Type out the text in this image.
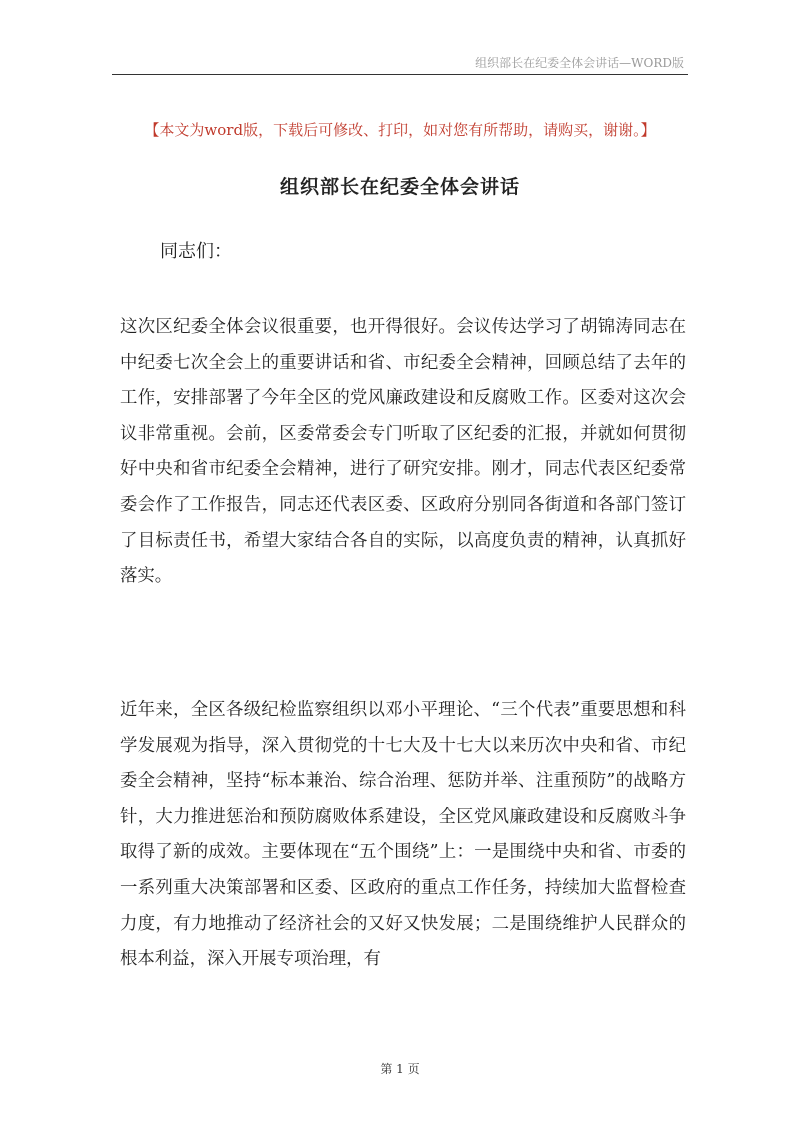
组织部长在纪委全体会讲话—WORD版
【本文为word版，下载后可修改、打印，如对您有所帮助，请购买，谢谢。】
组织部长在纪委全体会讲话
同志们：
这次区纪委全体会议很重要，也开得很好。会议传达学习了胡锦涛同志在中纪委七次全会上的重要讲话和省、市纪委全会精神，回顾总结了去年的工作，安排部署了今年全区的党风廉政建设和反腐败工作。区委对这次会议非常重视。会前，区委常委会专门听取了区纪委的汇报，并就如何贯彻好中央和省市纪委全会精神，进行了研究安排。刚才，同志代表区纪委常委会作了工作报告，同志还代表区委、区政府分别同各街道和各部门签订了目标责任书，希望大家结合各自的实际，以高度负责的精神，认真抓好落实。
近年来，全区各级纪检监察组织以邓小平理论、“三个代表”重要思想和科学发展观为指导，深入贯彻党的十七大及十七大以来历次中央和省、市纪委全会精神，坚持“标本兼治、综合治理、惩防并举、注重预防”的战略方针，大力推进惩治和预防腐败体系建设，全区党风廉政建设和反腐败斗争取得了新的成效。主要体现在“五个围绕”上：一是围绕中央和省、市委的一系列重大决策部署和区委、区政府的重点工作任务，持续加大监督检查力度，有力地推动了经济社会的又好又快发展；二是围绕维护人民群众的根本利益，深入开展专项治理，有
第 1 页
